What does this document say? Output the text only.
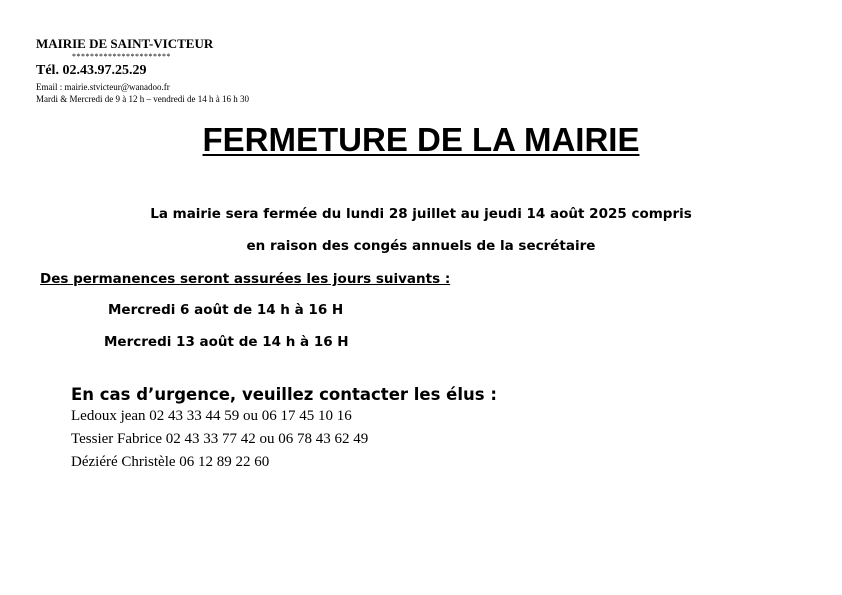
MAIRIE DE SAINT-VICTEUR
**********************
Tél. 02.43.97.25.29
Email : mairie.stvicteur@wanadoo.fr
Mardi & Mercredi de 9 à 12 h – vendredi de 14 h à 16 h 30
FERMETURE DE LA MAIRIE
La mairie sera fermée du lundi 28 juillet au jeudi 14 août 2025 compris
en raison des congés annuels de la secrétaire
Des permanences seront assurées les jours suivants :
Mercredi 6 août de 14 h à 16 H
Mercredi 13 août de 14 h à 16 H
En cas d’urgence, veuillez contacter les élus :
Ledoux jean 02 43 33 44 59 ou 06 17 45 10 16
Tessier Fabrice 02 43 33 77 42 ou 06 78 43 62 49
Déziéré Christèle 06 12 89 22 60
